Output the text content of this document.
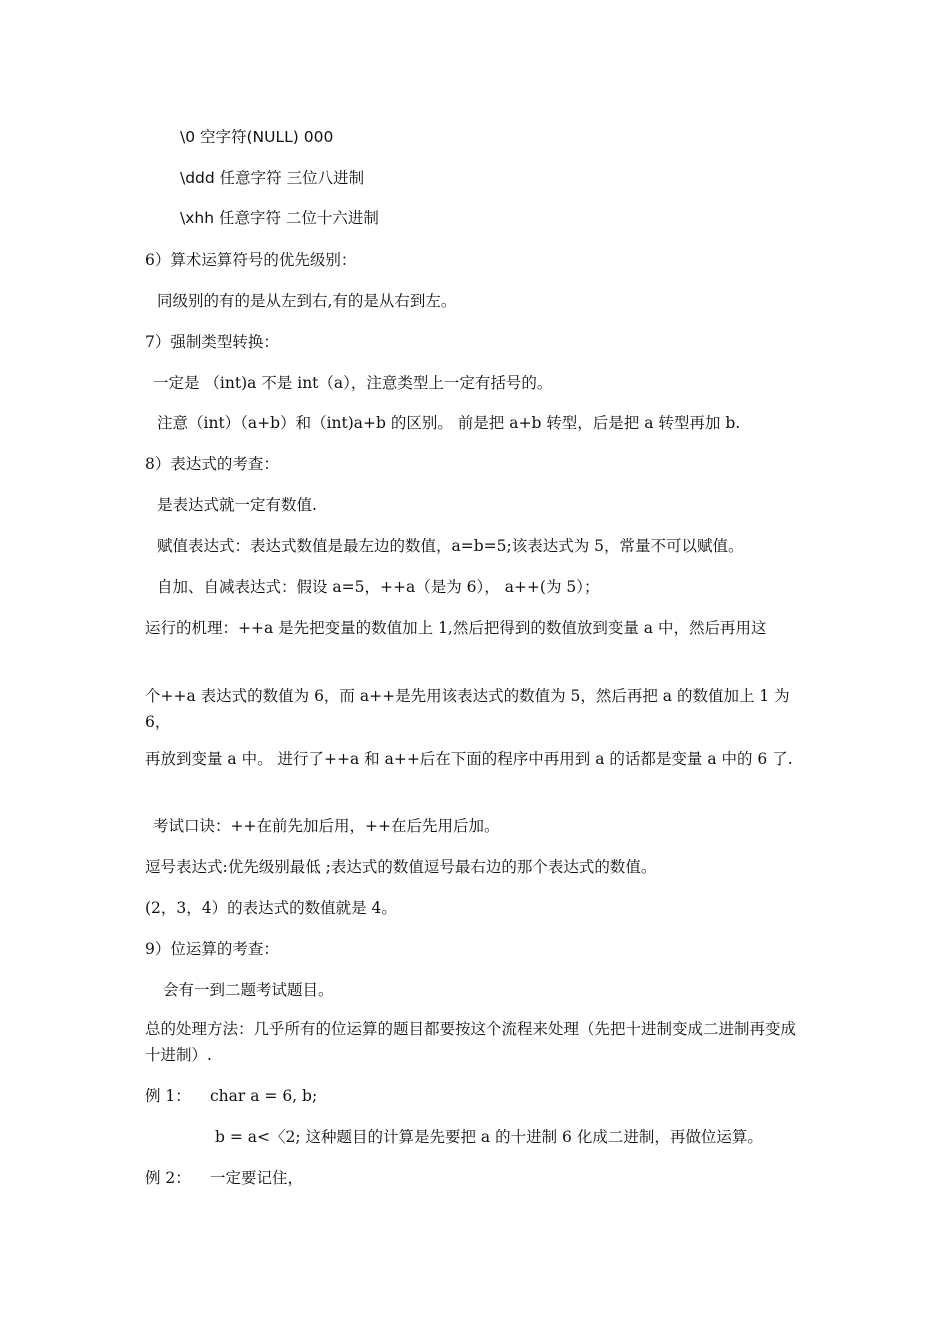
\0 空字符(NULL) 000
\ddd 任意字符 三位八进制
\xhh 任意字符 二位十六进制
6）算术运算符号的优先级别：
同级别的有的是从左到右,有的是从右到左。
7）强制类型转换：
一定是 （int)a 不是 int（a），注意类型上一定有括号的。
注意（int）（a+b）和（int)a+b 的区别。 前是把 a+b 转型，后是把 a 转型再加 b.
8）表达式的考查：
是表达式就一定有数值.
赋值表达式：表达式数值是最左边的数值，a=b=5;该表达式为 5，常量不可以赋值。
自加、自减表达式：假设 a=5，++a（是为 6）， a++(为 5）；
运行的机理：++a 是先把变量的数值加上 1,然后把得到的数值放到变量 a 中，然后再用这
个++a 表达式的数值为 6，而 a++是先用该表达式的数值为 5，然后再把 a 的数值加上 1 为 6，
再放到变量 a 中。 进行了++a 和 a++后在下面的程序中再用到 a 的话都是变量 a 中的 6 了.
考试口诀：++在前先加后用，++在后先用后加。
逗号表达式:优先级别最低 ;表达式的数值逗号最右边的那个表达式的数值。
(2，3，4）的表达式的数值就是 4。
9）位运算的考查：
会有一到二题考试题目。
总的处理方法：几乎所有的位运算的题目都要按这个流程来处理（先把十进制变成二进制再变成十进制）.
例 1： char a = 6, b;
b = a<〈2; 这种题目的计算是先要把 a 的十进制 6 化成二进制，再做位运算。
例 2： 一定要记住，
